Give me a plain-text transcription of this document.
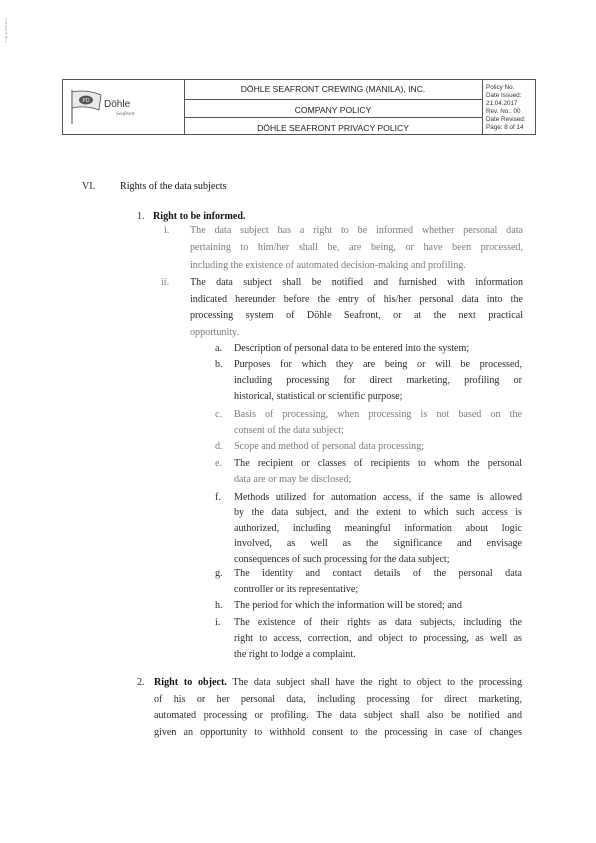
scanned doc
PD Döhle
Seafront
DÖHLE SEAFRONT CREWING (MANILA), INC.
COMPANY POLICY
DÖHLE SEAFRONT PRIVACY POLICY
Policy No.
Date Issued: 21.04.2017
Rev. No.: 00
Date Revised:
Page: 8 of 14
VI. Rights of the data subjects
1. Right to be informed.
i. The data subject has a right to be informed whether personal data
pertaining to him/her shall be, are being, or have been processed,
including the existence of automated decision-making and profiling.
ii. The data subject shall be notified and furnished with information
indicated hereunder before the entry of his/her personal data into the
processing system of Döhle Seafront, or at the next practical
opportunity.
a. Description of personal data to be entered into the system;
b. Purposes for which they are being or will be processed,
including processing for direct marketing, profiling or
historical, statistical or scientific purpose;
c. Basis of processing, when processing is not based on the
consent of the data subject;
d. Scope and method of personal data processing;
e. The recipient or classes of recipients to whom the personal
data are or may be disclosed;
f. Methods utilized for automation access, if the same is allowed
by the data subject, and the extent to which such access is
authorized, including meaningful information about logic
involved, as well as the significance and envisage
consequences of such processing for the data subject;
g. The identity and contact details of the personal data
controller or its representative;
h. The period for which the information will be stored; and
i. The existence of their rights as data subjects, including the
right to access, correction, and object to processing, as well as
the right to lodge a complaint.
2. Right to object. The data subject shall have the right to object to the processing
of his or her personal data, including processing for direct marketing,
automated processing or profiling. The data subject shall also be notified and
given an opportunity to withhold consent to the processing in case of changes
